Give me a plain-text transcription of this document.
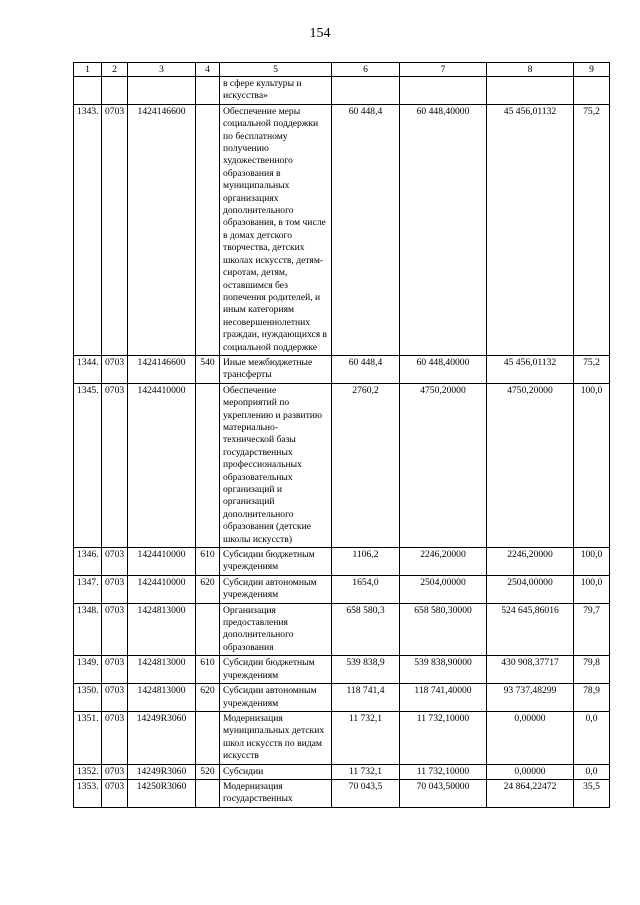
154
1	2	3	4	5	6	7	8	9
				в сфере культуры и искусства»				
1343.	0703	1424146600		Обеспечение меры социальной поддержки по бесплатному получению художественного образования в муниципальных организациях дополнительного образования, в том числе в домах детского творчества, детских школах искусств, детям-сиротам, детям, оставшимся без попечения родителей, и иным категориям несовершеннолетних граждан, нуждающихся в социальной поддержке	60 448,4	60 448,40000	45 456,01132	75,2
1344.	0703	1424146600	540	Иные межбюджетные трансферты	60 448,4	60 448,40000	45 456,01132	75,2
1345.	0703	1424410000		Обеспечение мероприятий по укреплению и развитию материально-технической базы государственных профессиональных образовательных организаций и организаций дополнительного образования (детские школы искусств)	2760,2	4750,20000	4750,20000	100,0
1346.	0703	1424410000	610	Субсидии бюджетным учреждениям	1106,2	2246,20000	2246,20000	100,0
1347.	0703	1424410000	620	Субсидии автономным учреждениям	1654,0	2504,00000	2504,00000	100,0
1348.	0703	1424813000		Организация предоставления дополнительного образования	658 580,3	658 580,30000	524 645,86016	79,7
1349.	0703	1424813000	610	Субсидии бюджетным учреждениям	539 838,9	539 838,90000	430 908,37717	79,8
1350.	0703	1424813000	620	Субсидии автономным учреждениям	118 741,4	118 741,40000	93 737,48299	78,9
1351.	0703	14249R3060		Модернизация муниципальных детских школ искусств по видам искусств	11 732,1	11 732,10000	0,00000	0,0
1352.	0703	14249R3060	520	Субсидии	11 732,1	11 732,10000	0,00000	0,0
1353.	0703	14250R3060		Модернизация государственных	70 043,5	70 043,50000	24 864,22472	35,5
